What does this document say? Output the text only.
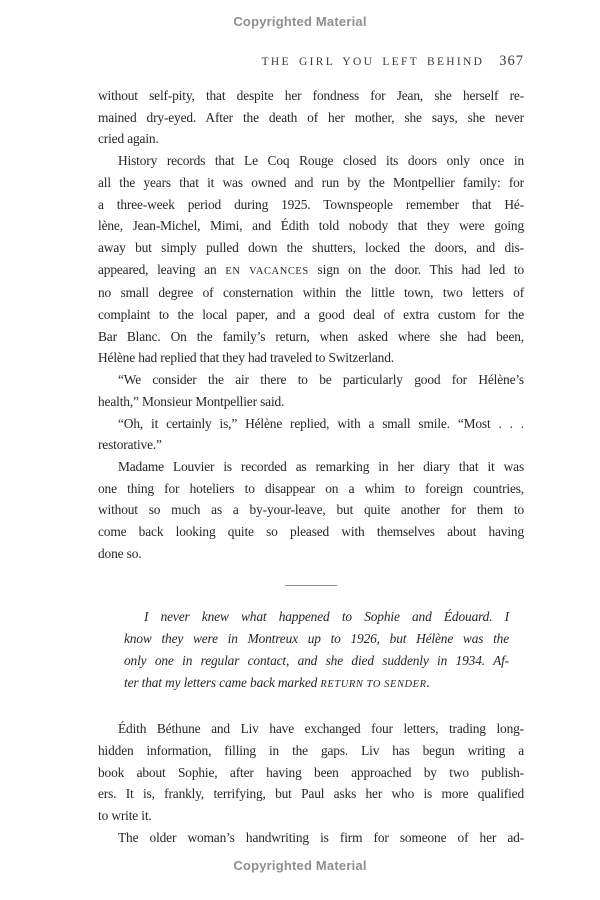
Copyrighted Material
THE GIRL YOU LEFT BEHIND 367
without self-pity, that despite her fondness for Jean, she herself re-
mained dry-eyed. After the death of her mother, she says, she never
cried again.
History records that Le Coq Rouge closed its doors only once in
all the years that it was owned and run by the Montpellier family: for
a three-week period during 1925. Townspeople remember that Hé-
lène, Jean-Michel, Mimi, and Édith told nobody that they were going
away but simply pulled down the shutters, locked the doors, and dis-
appeared, leaving an EN VACANCES sign on the door. This had led to
no small degree of consternation within the little town, two letters of
complaint to the local paper, and a good deal of extra custom for the
Bar Blanc. On the family’s return, when asked where she had been,
Hélène had replied that they had traveled to Switzerland.
“We consider the air there to be particularly good for Hélène’s
health,” Monsieur Montpellier said.
“Oh, it certainly is,” Hélène replied, with a small smile. “Most . . .
restorative.”
Madame Louvier is recorded as remarking in her diary that it was
one thing for hoteliers to disappear on a whim to foreign countries,
without so much as a by-your-leave, but quite another for them to
come back looking quite so pleased with themselves about having
done so.
I never knew what happened to Sophie and Édouard. I
know they were in Montreux up to 1926, but Hélène was the
only one in regular contact, and she died suddenly in 1934. Af-
ter that my letters came back marked RETURN TO SENDER.
Édith Béthune and Liv have exchanged four letters, trading long-
hidden information, filling in the gaps. Liv has begun writing a
book about Sophie, after having been approached by two publish-
ers. It is, frankly, terrifying, but Paul asks her who is more qualified
to write it.
The older woman’s handwriting is firm for someone of her ad-
Copyrighted Material
